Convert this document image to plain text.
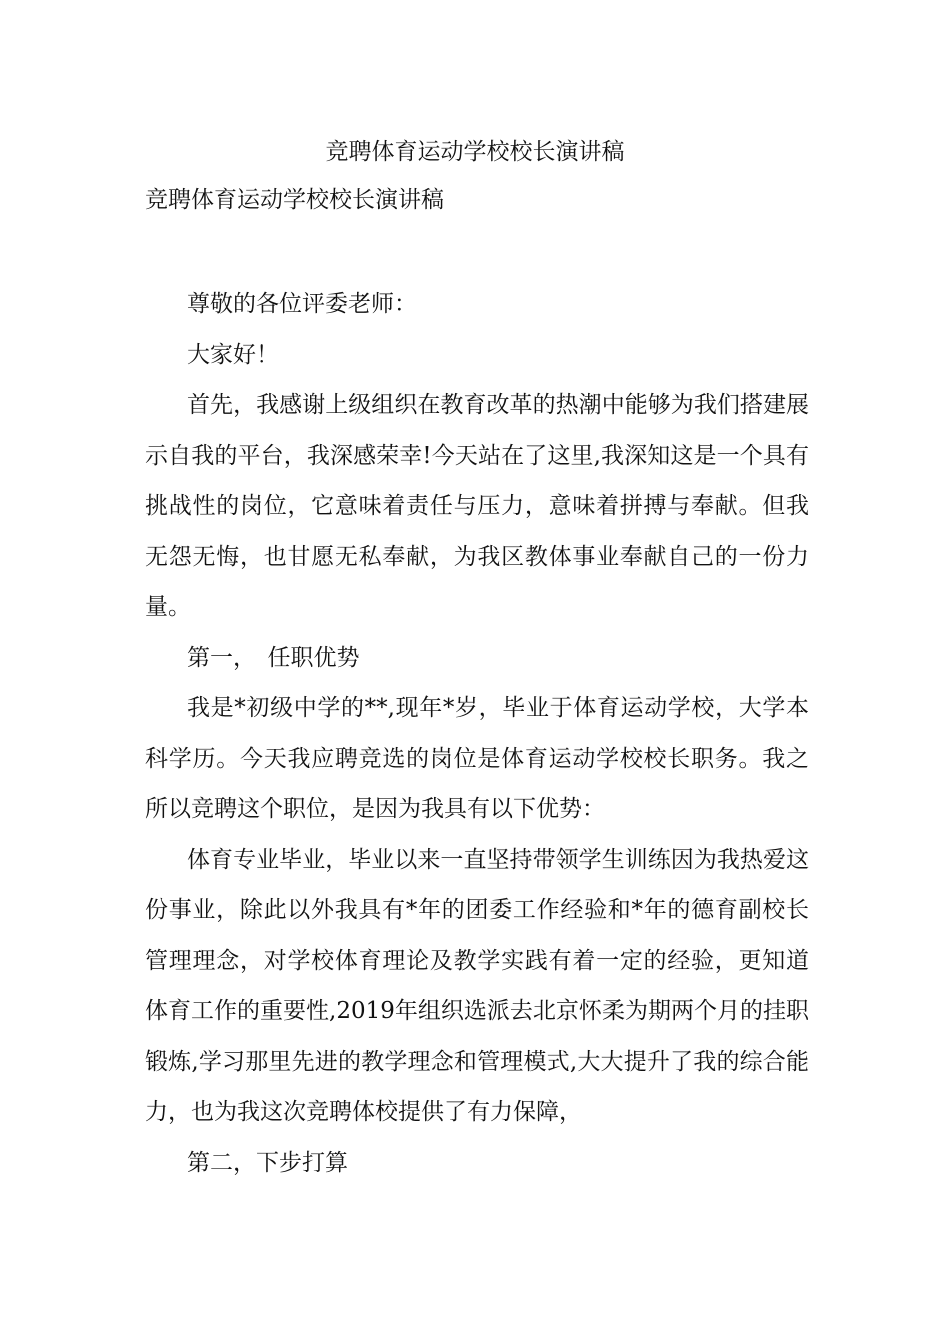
竞聘体育运动学校校长演讲稿
竞聘体育运动学校校长演讲稿

尊敬的各位评委老师：

大家好！

首先，我感谢上级组织在教育改革的热潮中能够为我们搭建展示自我的平台，我深感荣幸!今天站在了这里,我深知这是一个具有挑战性的岗位，它意味着责任与压力，意味着拼搏与奉献。但我无怨无悔，也甘愿无私奉献，为我区教体事业奉献自己的一份力量。

第一，　任职优势

我是*初级中学的**,现年*岁，毕业于体育运动学校，大学本科学历。今天我应聘竞选的岗位是体育运动学校校长职务。我之所以竞聘这个职位，是因为我具有以下优势：

体育专业毕业，毕业以来一直坚持带领学生训练因为我热爱这份事业，除此以外我具有*年的团委工作经验和*年的德育副校长管理理念，对学校体育理论及教学实践有着一定的经验，更知道体育工作的重要性,2019年组织选派去北京怀柔为期两个月的挂职锻炼,学习那里先进的教学理念和管理模式,大大提升了我的综合能力，也为我这次竞聘体校提供了有力保障，

第二，下步打算
